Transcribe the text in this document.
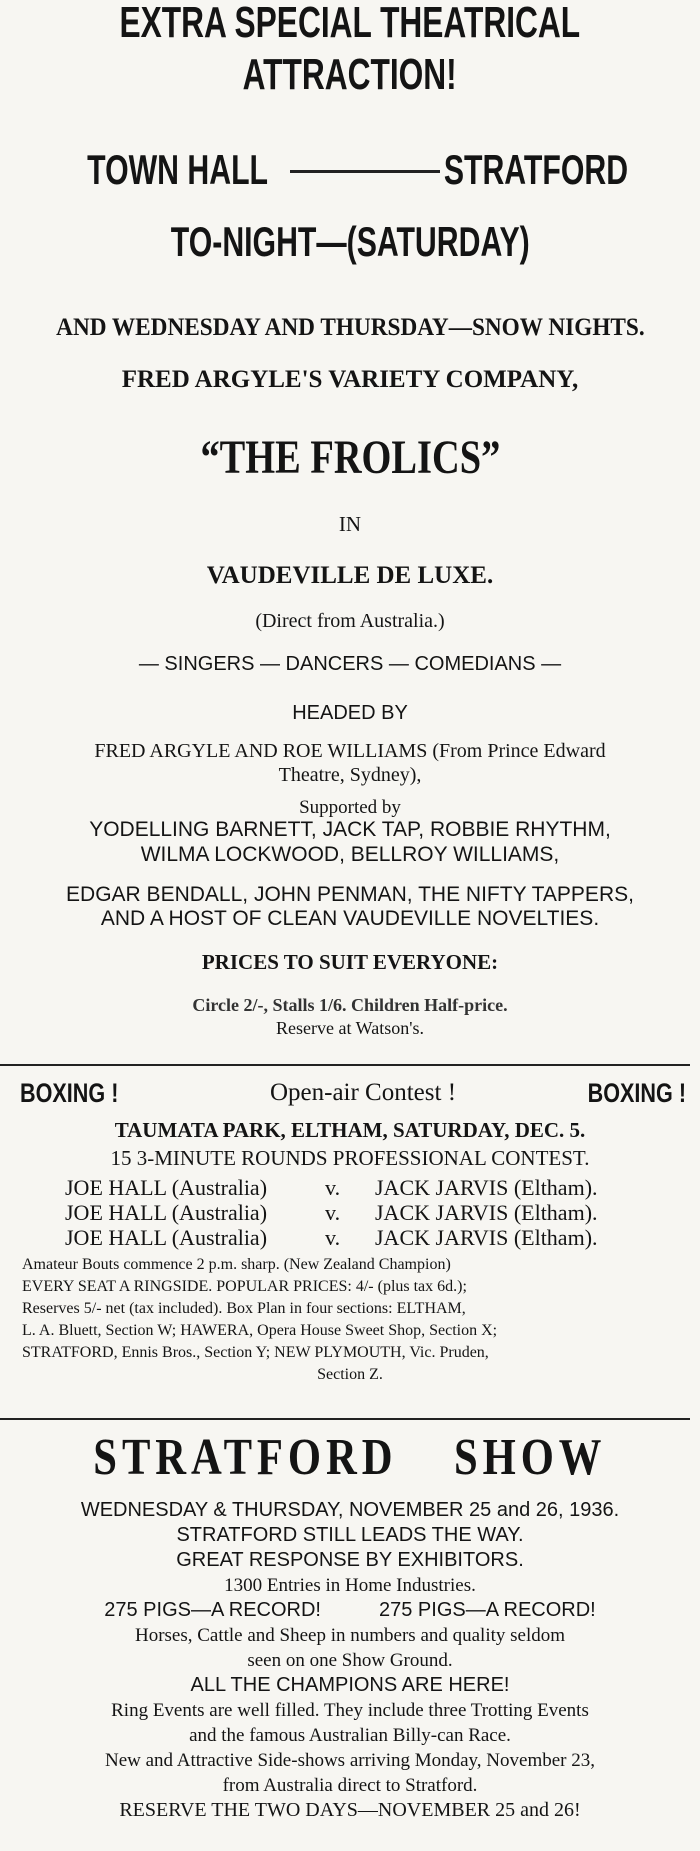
EXTRA SPECIAL THEATRICAL
ATTRACTION!
TOWN HALL	STRATFORD
TO-NIGHT—(SATURDAY)
AND WEDNESDAY AND THURSDAY—SNOW NIGHTS.
FRED ARGYLE'S VARIETY COMPANY,
“THE FROLICS”
IN
VAUDEVILLE DE LUXE.
(Direct from Australia.)
— SINGERS — DANCERS — COMEDIANS —
HEADED BY
FRED ARGYLE AND ROE WILLIAMS (From Prince Edward
Theatre, Sydney),
Supported by
YODELLING BARNETT, JACK TAP, ROBBIE RHYTHM,
WILMA LOCKWOOD, BELLROY WILLIAMS,
EDGAR BENDALL, JOHN PENMAN, THE NIFTY TAPPERS,
AND A HOST OF CLEAN VAUDEVILLE NOVELTIES.
PRICES TO SUIT EVERYONE:
Circle 2/-, Stalls 1/6. Children Half-price.
Reserve at Watson's.
BOXING !	Open-air Contest !	BOXING !
TAUMATA PARK, ELTHAM, SATURDAY, DEC. 5.
15 3-MINUTE ROUNDS PROFESSIONAL CONTEST.
JOE HALL (Australia)	v.	JACK JARVIS (Eltham).
JOE HALL (Australia)	v.	JACK JARVIS (Eltham).
JOE HALL (Australia)	v.	JACK JARVIS (Eltham).
Amateur Bouts commence 2 p.m. sharp. (New Zealand Champion)
EVERY SEAT A RINGSIDE. POPULAR PRICES: 4/- (plus tax 6d.);
Reserves 5/- net (tax included). Box Plan in four sections: ELTHAM,
L. A. Bluett, Section W; HAWERA, Opera House Sweet Shop, Section X;
STRATFORD, Ennis Bros., Section Y; NEW PLYMOUTH, Vic. Pruden,
Section Z.
STRATFORD SHOW
WEDNESDAY & THURSDAY, NOVEMBER 25 and 26, 1936.
STRATFORD STILL LEADS THE WAY.
GREAT RESPONSE BY EXHIBITORS.
1300 Entries in Home Industries.
275 PIGS—A RECORD!	275 PIGS—A RECORD!
Horses, Cattle and Sheep in numbers and quality seldom
seen on one Show Ground.
ALL THE CHAMPIONS ARE HERE!
Ring Events are well filled. They include three Trotting Events
and the famous Australian Billy-can Race.
New and Attractive Side-shows arriving Monday, November 23,
from Australia direct to Stratford.
RESERVE THE TWO DAYS—NOVEMBER 25 and 26!
